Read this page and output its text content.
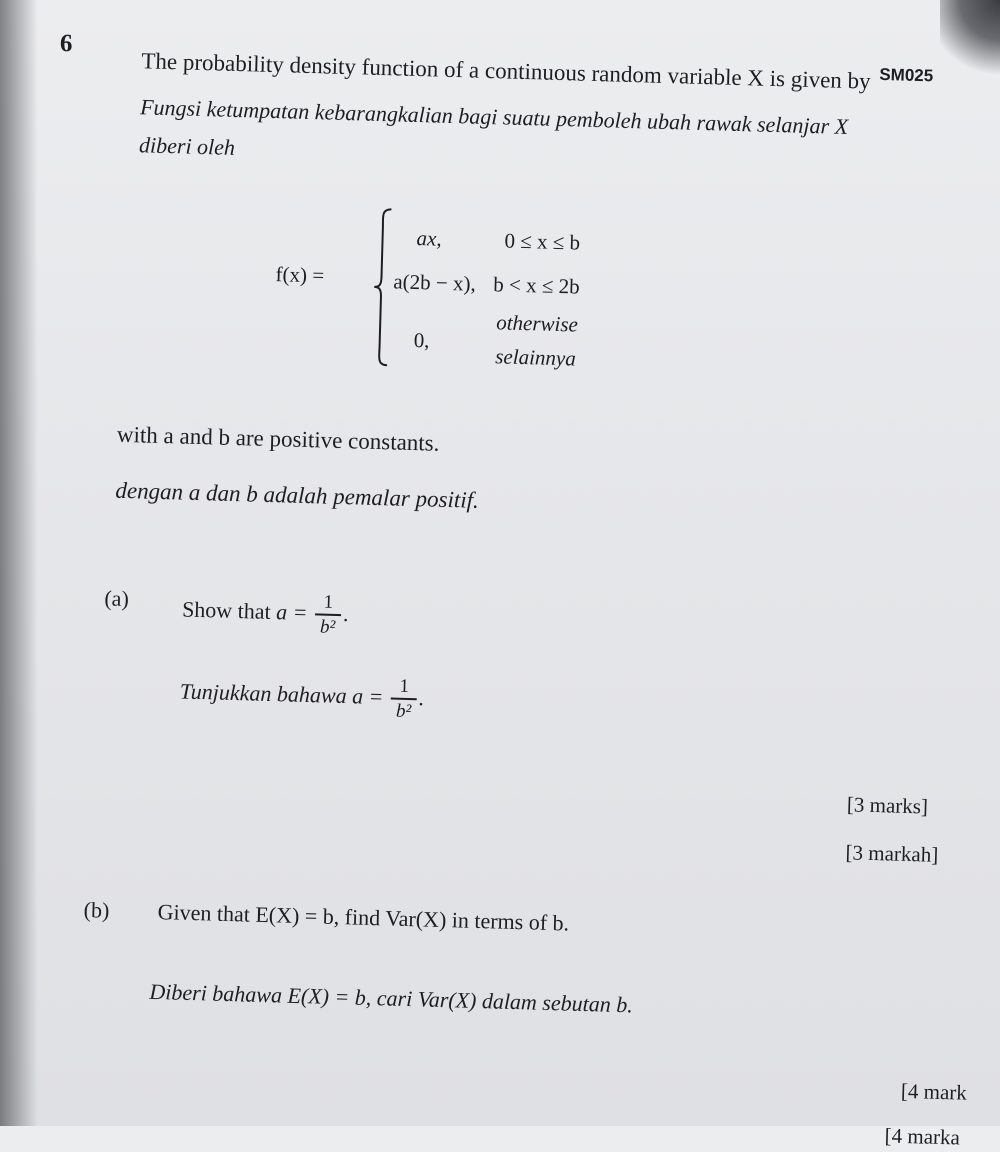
6
SM025
The probability density function of a continuous random variable X is given by
Fungsi ketumpatan kebarangkalian bagi suatu pemboleh ubah rawak selanjar X
diberi oleh
f(x) =
ax,	0 ≤ x ≤ b
a(2b − x), b < x ≤ 2b
0,
otherwise
selainnya
with a and b are positive constants.
dengan a dan b adalah pemalar positif.
(a) Show that $a = \frac{1}{\text{b²}}$ .
Tunjukkan bahawa $a = \frac{1}{\text{b²}}$ .
[3 marks]
[3 markah]
(b) Given that E(X) = b, find Var(X) in terms of b.
Diberi bahawa E(X) = b, cari Var(X) dalam sebutan b.
[4 mark
[4 marka
